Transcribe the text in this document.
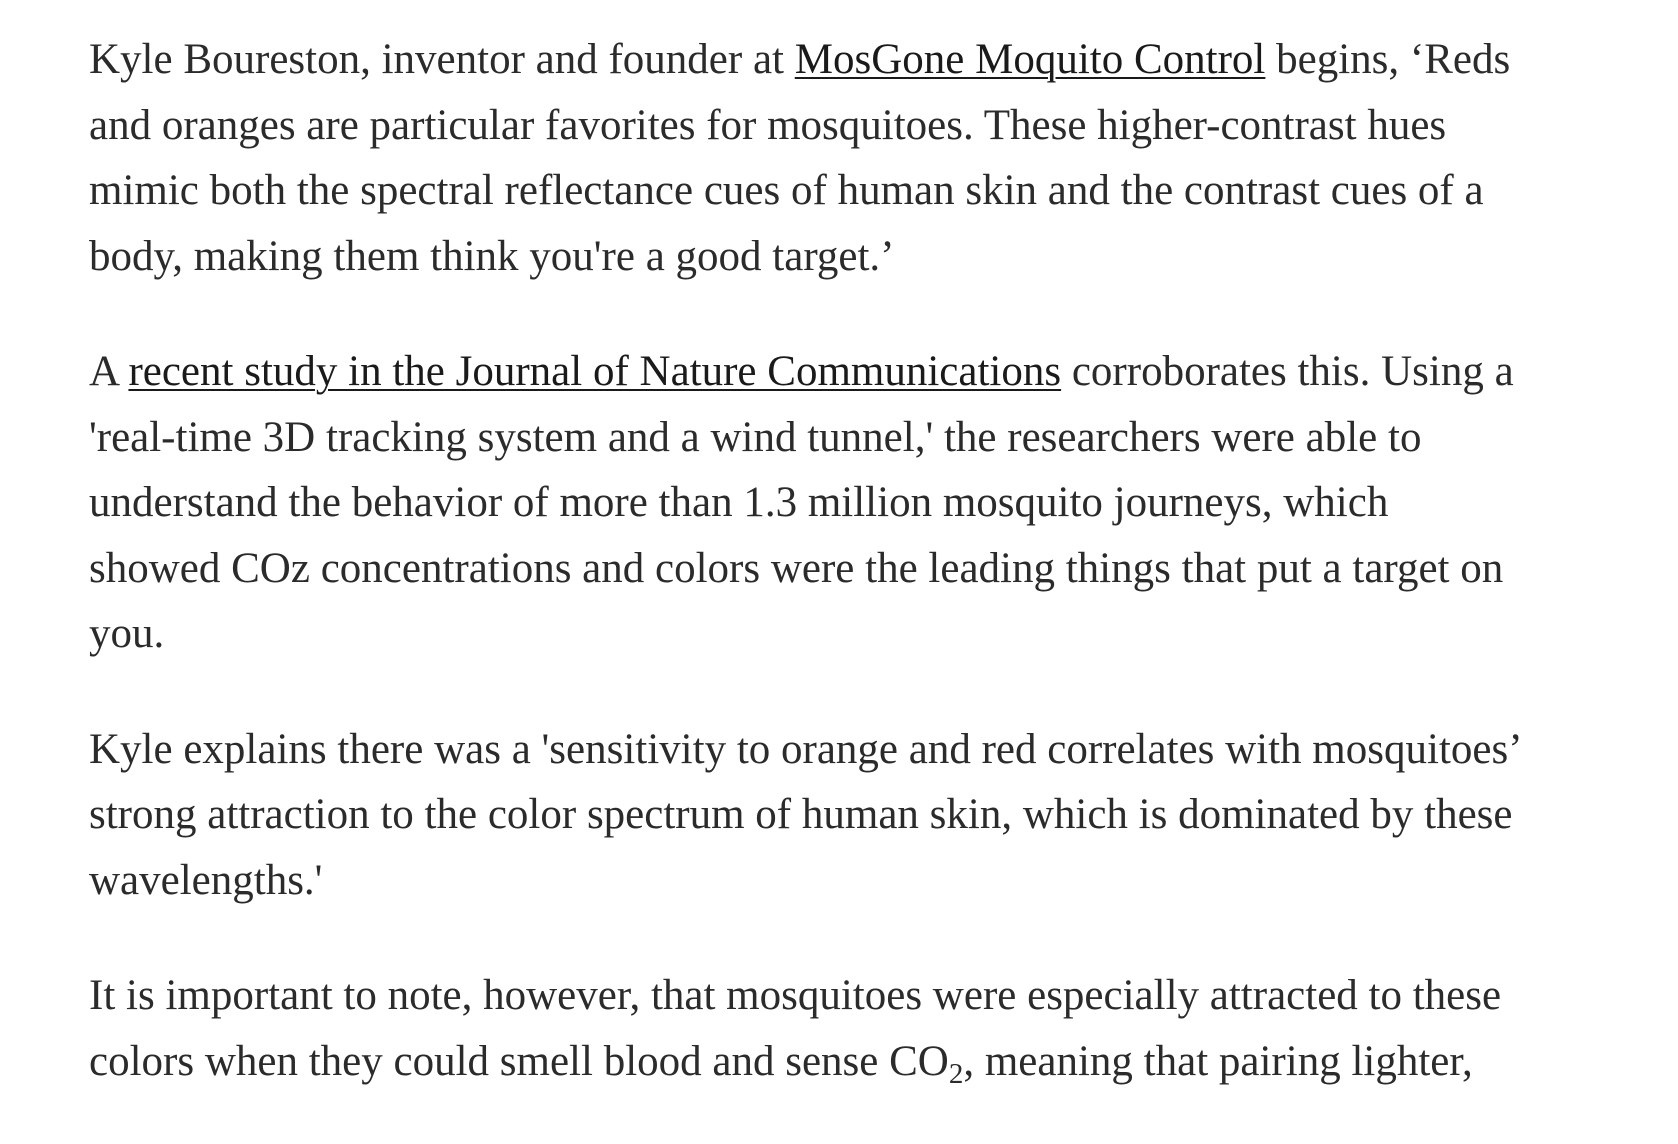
Kyle Boureston, inventor and founder at MosGone Moquito Control begins, ‘Reds
and oranges are particular favorites for mosquitoes. These higher-contrast hues
mimic both the spectral reflectance cues of human skin and the contrast cues of a
body, making them think you're a good target.’

A recent study in the Journal of Nature Communications corroborates this. Using a
'real-time 3D tracking system and a wind tunnel,' the researchers were able to
understand the behavior of more than 1.3 million mosquito journeys, which
showed COz concentrations and colors were the leading things that put a target on
you.

Kyle explains there was a 'sensitivity to orange and red correlates with mosquitoes’
strong attraction to the color spectrum of human skin, which is dominated by these
wavelengths.'

It is important to note, however, that mosquitoes were especially attracted to these
colors when they could smell blood and sense $CO_2$, meaning that pairing lighter,
